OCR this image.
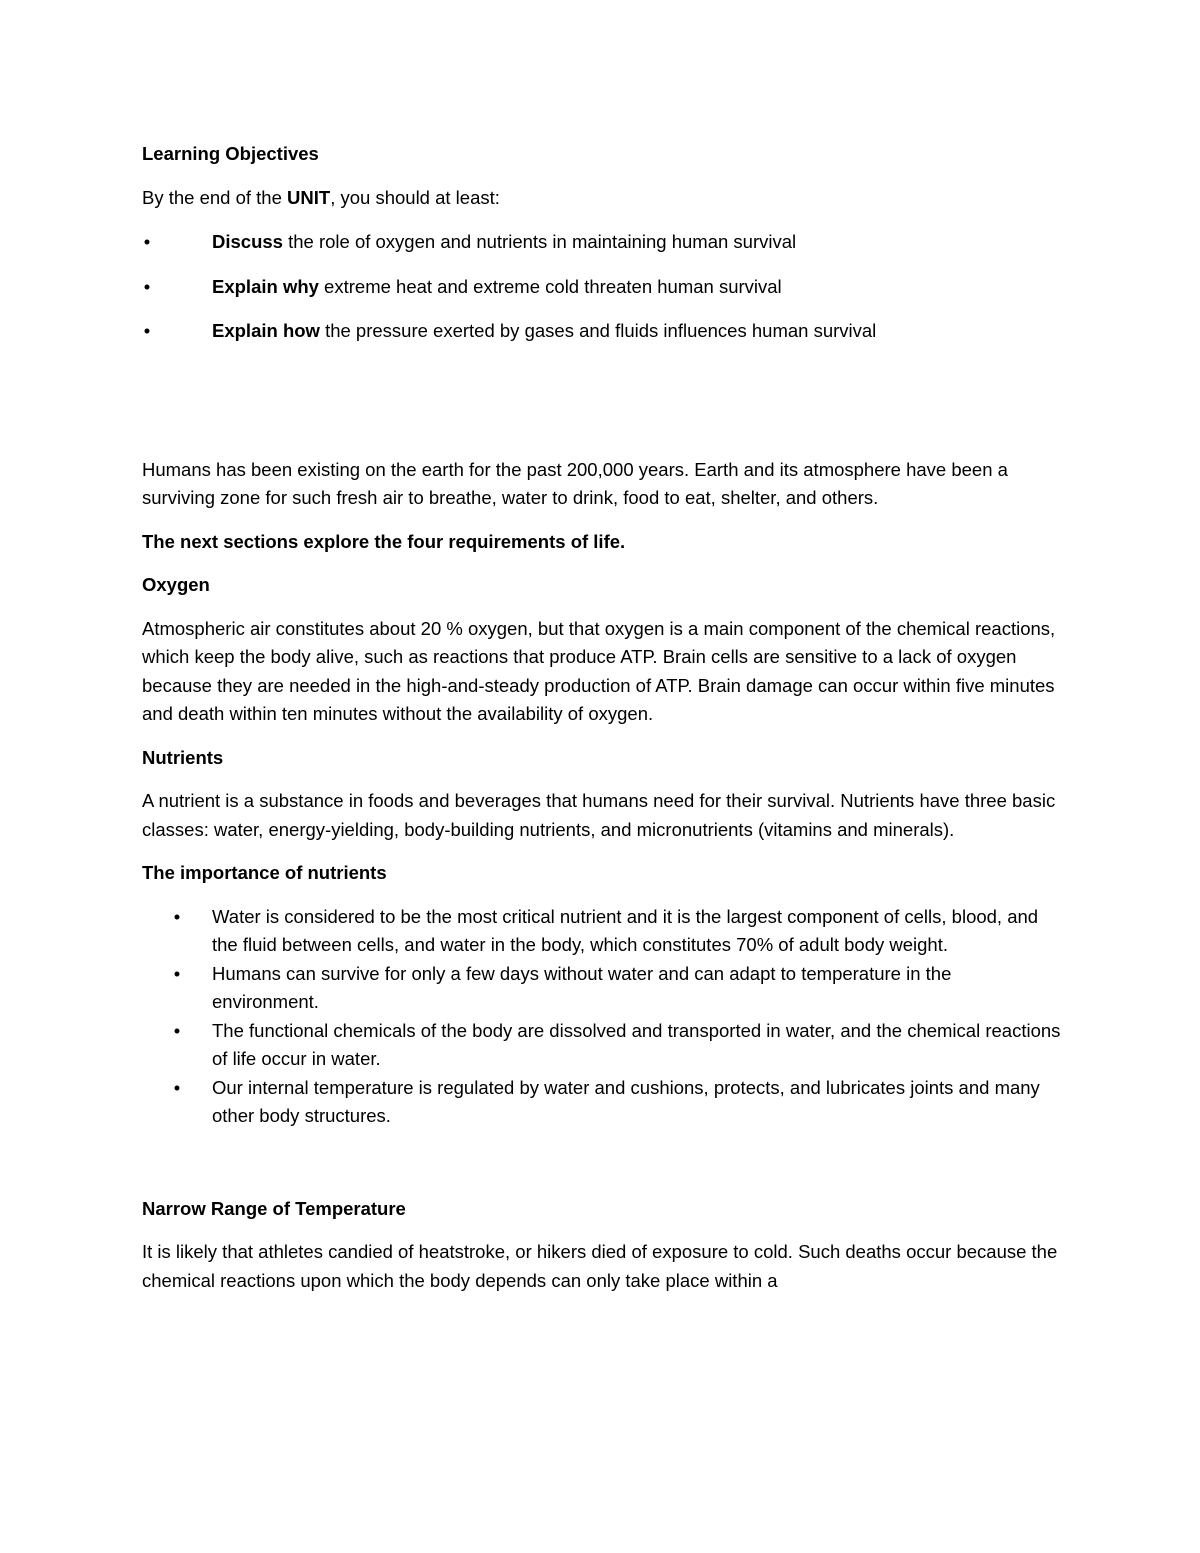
Learning Objectives

By the end of the UNIT, you should at least:

•	Discuss the role of oxygen and nutrients in maintaining human survival
•	Explain why extreme heat and extreme cold threaten human survival
•	Explain how the pressure exerted by gases and fluids influences human survival

Humans has been existing on the earth for the past 200,000 years. Earth and its atmosphere have been a surviving zone for such fresh air to breathe, water to drink, food to eat, shelter, and others.

The next sections explore the four requirements of life.

Oxygen

Atmospheric air constitutes about 20 % oxygen, but that oxygen is a main component of the chemical reactions, which keep the body alive, such as reactions that produce ATP. Brain cells are sensitive to a lack of oxygen because they are needed in the high-and-steady production of ATP. Brain damage can occur within five minutes and death within ten minutes without the availability of oxygen.

Nutrients

A nutrient is a substance in foods and beverages that humans need for their survival. Nutrients have three basic classes: water, energy-yielding, body-building nutrients, and micronutrients (vitamins and minerals).

The importance of nutrients

• Water is considered to be the most critical nutrient and it is the largest component of cells, blood, and the fluid between cells, and water in the body, which constitutes 70% of adult body weight.
• Humans can survive for only a few days without water and can adapt to temperature in the environment.
• The functional chemicals of the body are dissolved and transported in water, and the chemical reactions of life occur in water.
• Our internal temperature is regulated by water and cushions, protects, and lubricates joints and many other body structures.

Narrow Range of Temperature

It is likely that athletes candied of heatstroke, or hikers died of exposure to cold. Such deaths occur because the chemical reactions upon which the body depends can only take place within a
